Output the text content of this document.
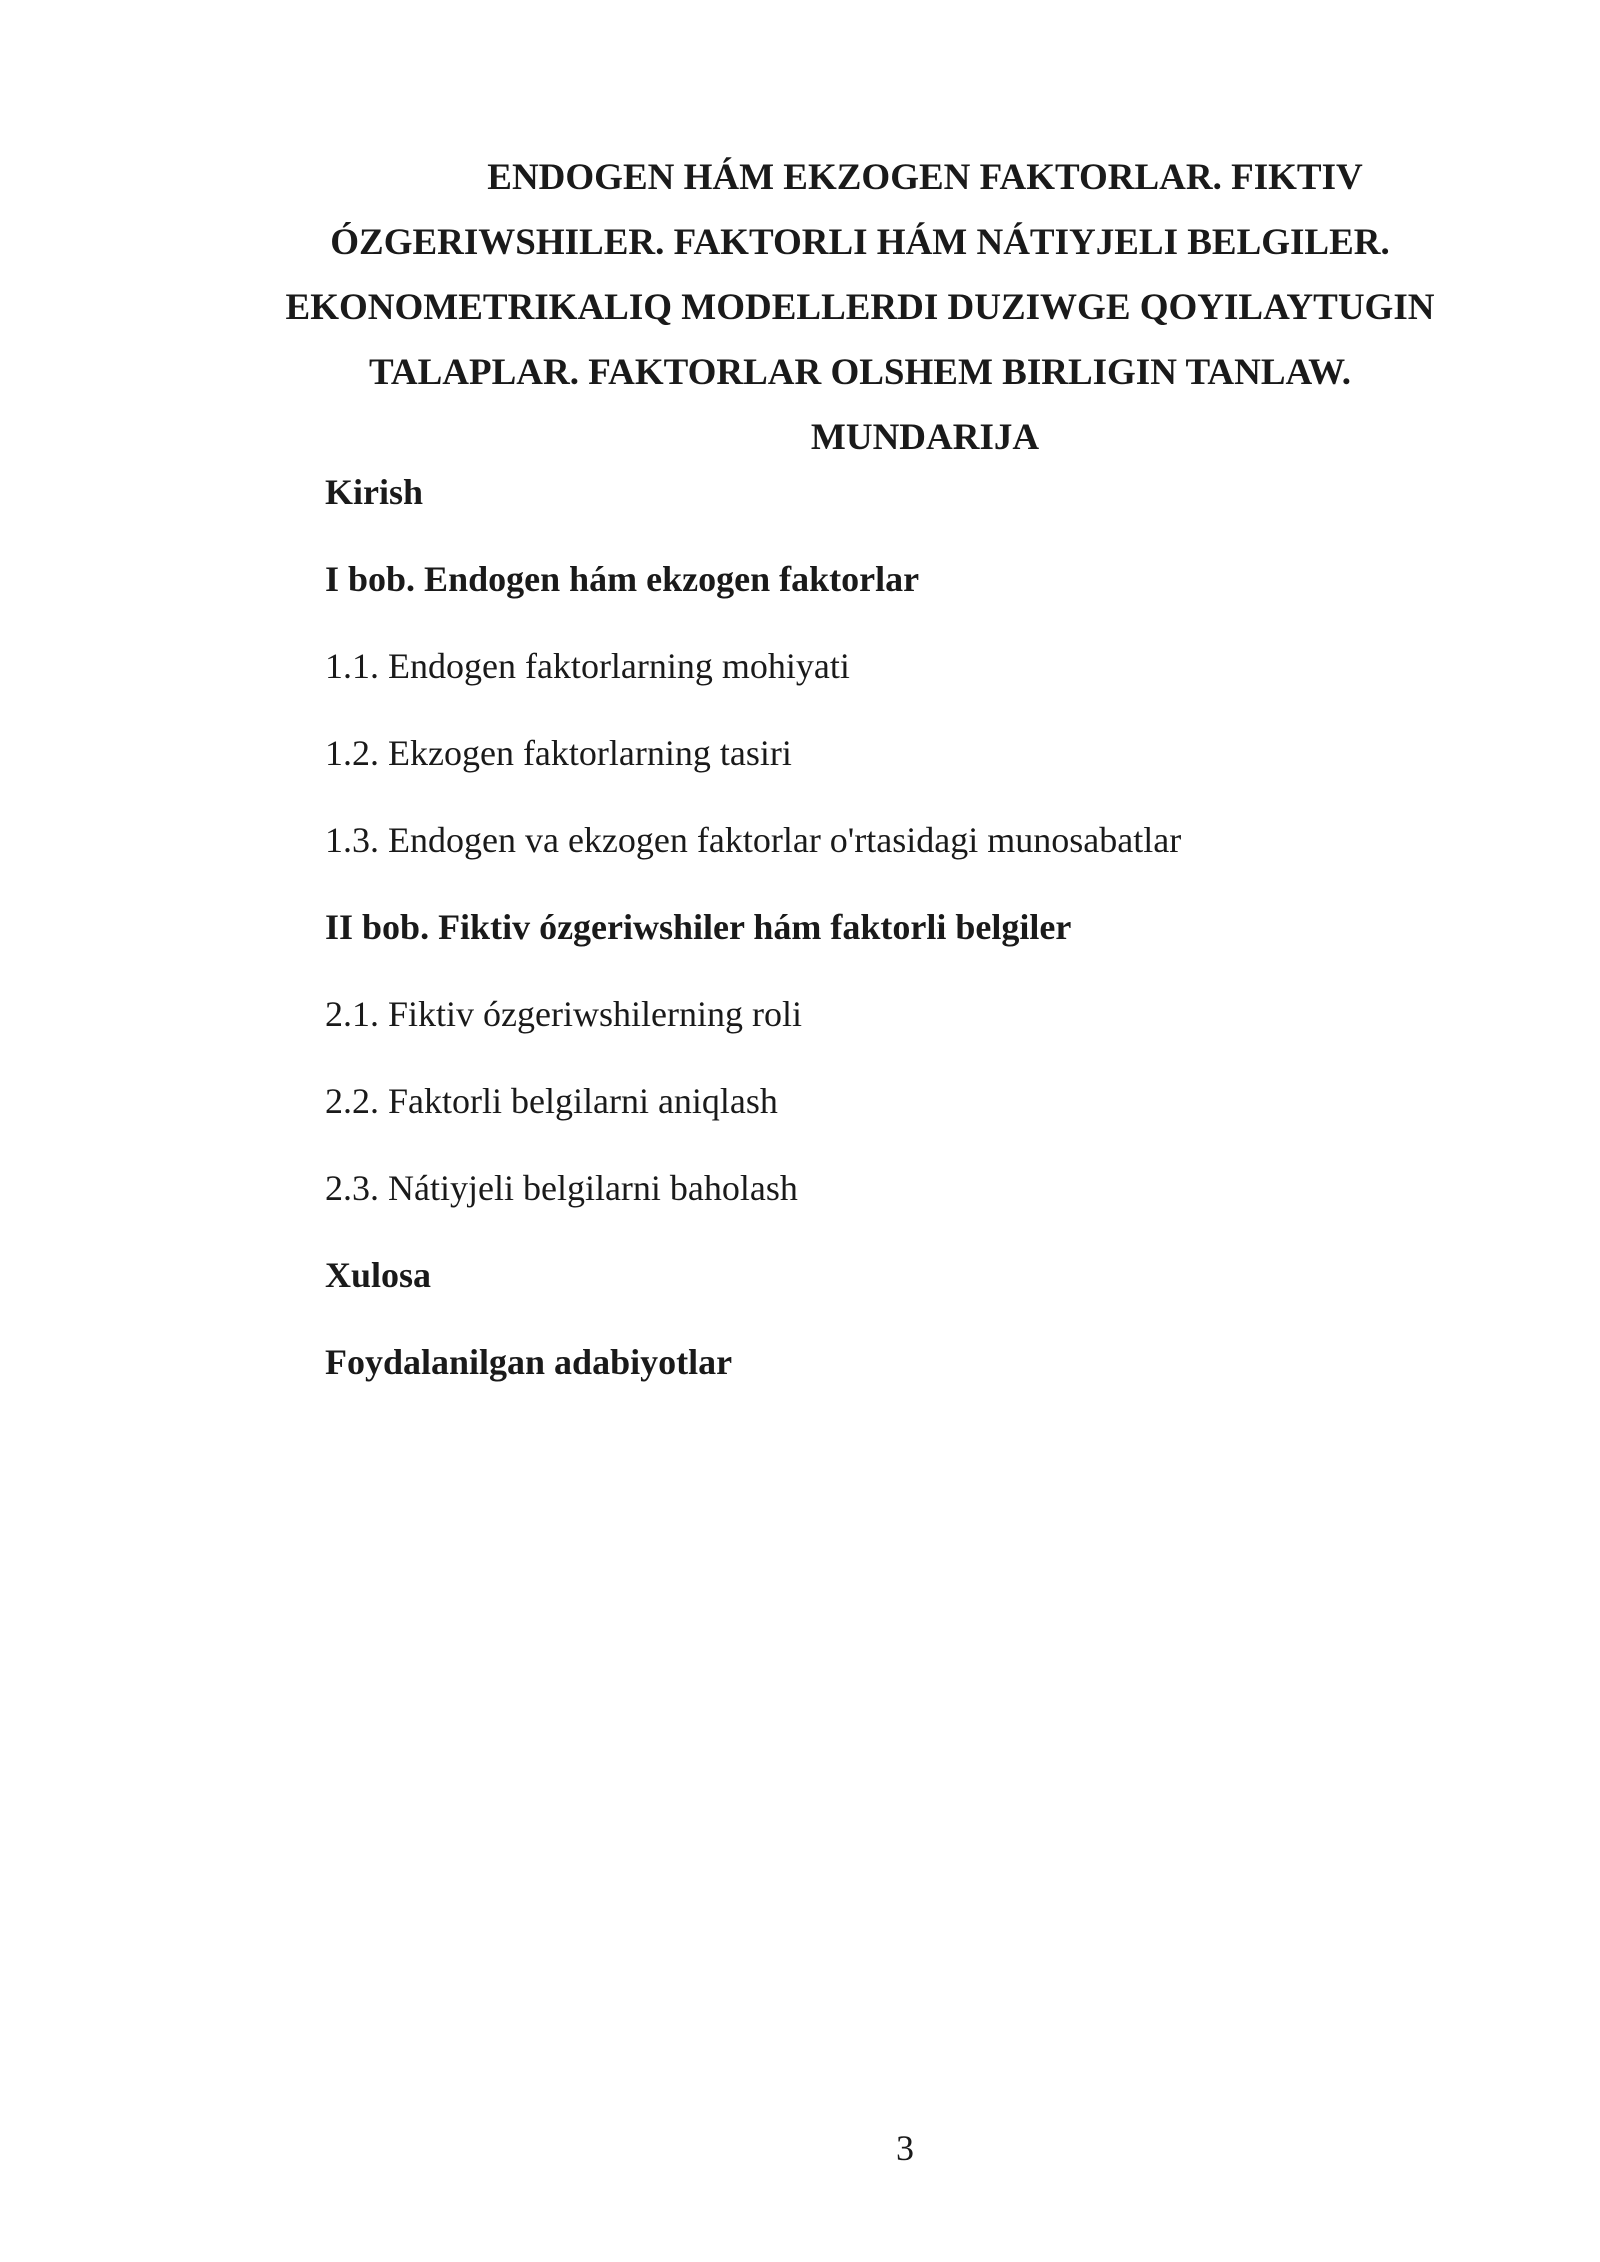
ENDOGEN HÁM EKZOGEN FAKTORLAR. FIKTIV
ÓZGERIWSHILER. FAKTORLI HÁM NÁTIYJELI BELGILER.
EKONOMETRIKALIQ MODELLERDI DUZIWGE QOYILAYTUGIN
TALAPLAR. FAKTORLAR OLSHEM BIRLIGIN TANLAW.
MUNDARIJA
Kirish
I bob. Endogen hám ekzogen faktorlar
1.1. Endogen faktorlarning mohiyati
1.2. Ekzogen faktorlarning tasiri
1.3. Endogen va ekzogen faktorlar o'rtasidagi munosabatlar
II bob. Fiktiv ózgeriwshiler hám faktorli belgiler
2.1. Fiktiv ózgeriwshilerning roli
2.2. Faktorli belgilarni aniqlash
2.3. Nátiyjeli belgilarni baholash
Xulosa
Foydalanilgan adabiyotlar
3
